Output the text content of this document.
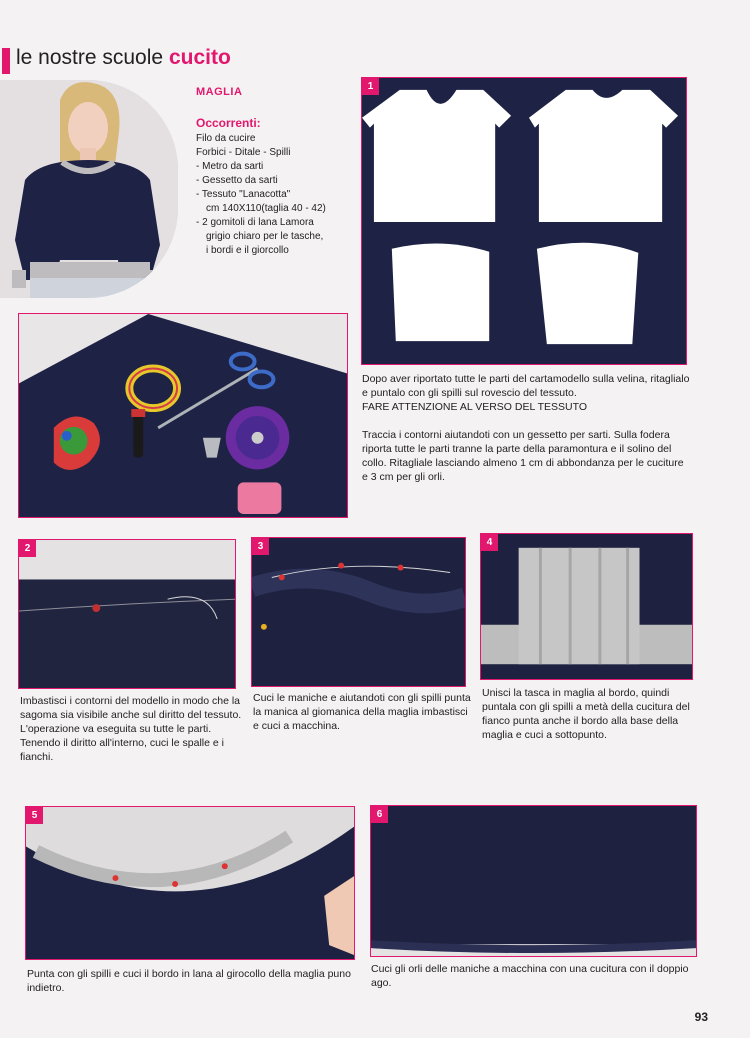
le nostre scuole cucito
MAGLIA
Occorrenti:
Filo da cucire
Forbici - Ditale - Spilli
- Metro da sarti
- Gessetto da sarti
- Tessuto "Lanacotta"
cm 140X110(taglia 40 - 42)
- 2 gomitoli di lana Lamora
grigio chiaro per le tasche,
i bordi e il giorcollo
1

Dopo aver riportato tutte le parti del cartamodello sulla velina, ritaglialo e puntalo con gli spilli sul rovescio del tessuto.

FARE ATTENZIONE AL VERSO DEL TESSUTO

Traccia i contorni aiutandoti con un gessetto per sarti. Sulla fodera riporta tutte le parti tranne la parte della paramontura e il solino del collo. Ritagliale lasciando almeno 1 cm di abbondanza per le cuciture e 3 cm per gli orli.

2
Imbastisci i contorni del modello in modo che la sagoma sia visibile anche sul diritto del tessuto. L'operazione va eseguita su tutte le parti. Tenendo il diritto all'interno, cuci le spalle e i fianchi.
3
Cuci le maniche e aiutandoti con gli spilli punta la manica al giomanica della maglia imbastisci e cuci a macchina.
4
Unisci la tasca in maglia al bordo, quindi puntala con gli spilli a metà della cucitura del fianco punta anche il bordo alla base della maglia e cuci a sottopunto.
5
Punta con gli spilli e cuci il bordo in lana al girocollo della maglia puno indietro.
6
Cuci gli orli delle maniche a macchina con una cucitura con il doppio ago.
93
